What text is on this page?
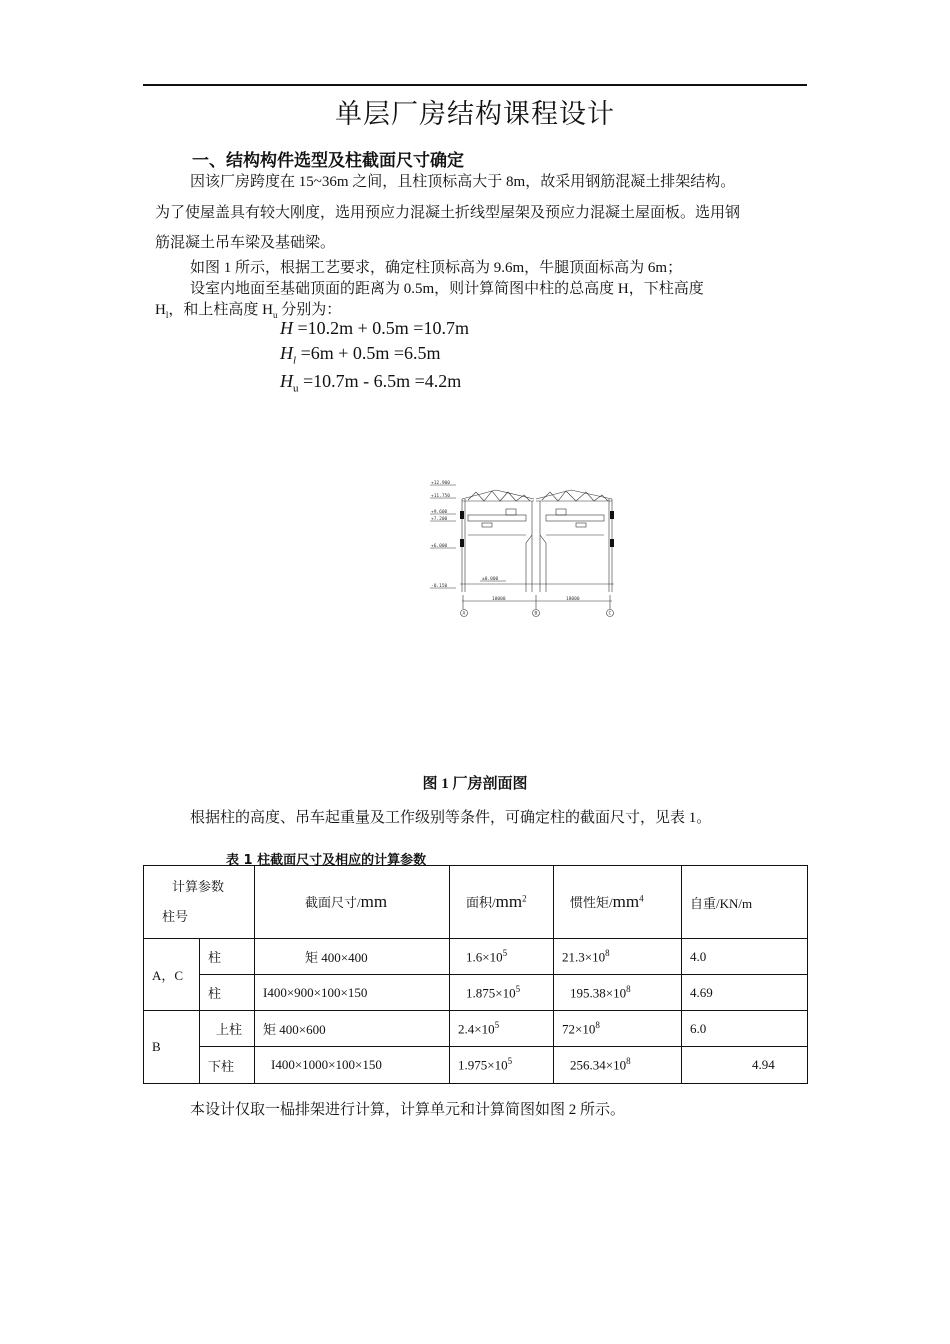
单层厂房结构课程设计
一、结构构件选型及柱截面尺寸确定
因该厂房跨度在 15~36m 之间，且柱顶标高大于 8m，故采用钢筋混凝土排架结构。
为了使屋盖具有较大刚度，选用预应力混凝土折线型屋架及预应力混凝土屋面板。选用钢
筋混凝土吊车梁及基础梁。
如图 1 所示，根据工艺要求，确定柱顶标高为 9.6m，牛腿顶面标高为 6m；
设室内地面至基础顶面的距离为 0.5m，则计算简图中柱的总高度 H，下柱高度
$H_l$，和上柱高度 $H_u$ 分别为：
H =10.2m + 0.5m =10.7m
$H_l =6m + 0.5m =6.5m$
$H_u =10.7m - 6.5m =4.2m$
+12.900
+11.750
+9.600
+7.200
+6.000
±0.000
-0.150
18000	18000
A	B	C
图 1 厂房剖面图
根据柱的高度、吊车起重量及工作级别等条件，可确定柱的截面尺寸，见表 1。
表 1 柱截面尺寸及相应的计算参数
计算参数
柱号		截面尺寸/mm	面积$/mm^2$	惯性矩$/mm^4$	自重/KN/m
A，C	柱	矩 400×400	$1.6\times 10^5$	$21.3\times 10^8$	4.0
	柱	I400×900×100×150	$1.875\times 10^5$	$195.38\times 10^8$	4.69
B	上柱	矩 400×600	$2.4\times 10^5$	$72\times 10^8$	6.0
	下柱	I400×1000×100×150	$1.975\times 10^5$	$256.34\times 10^8$	4.94
本设计仅取一榀排架进行计算，计算单元和计算简图如图 2 所示。
